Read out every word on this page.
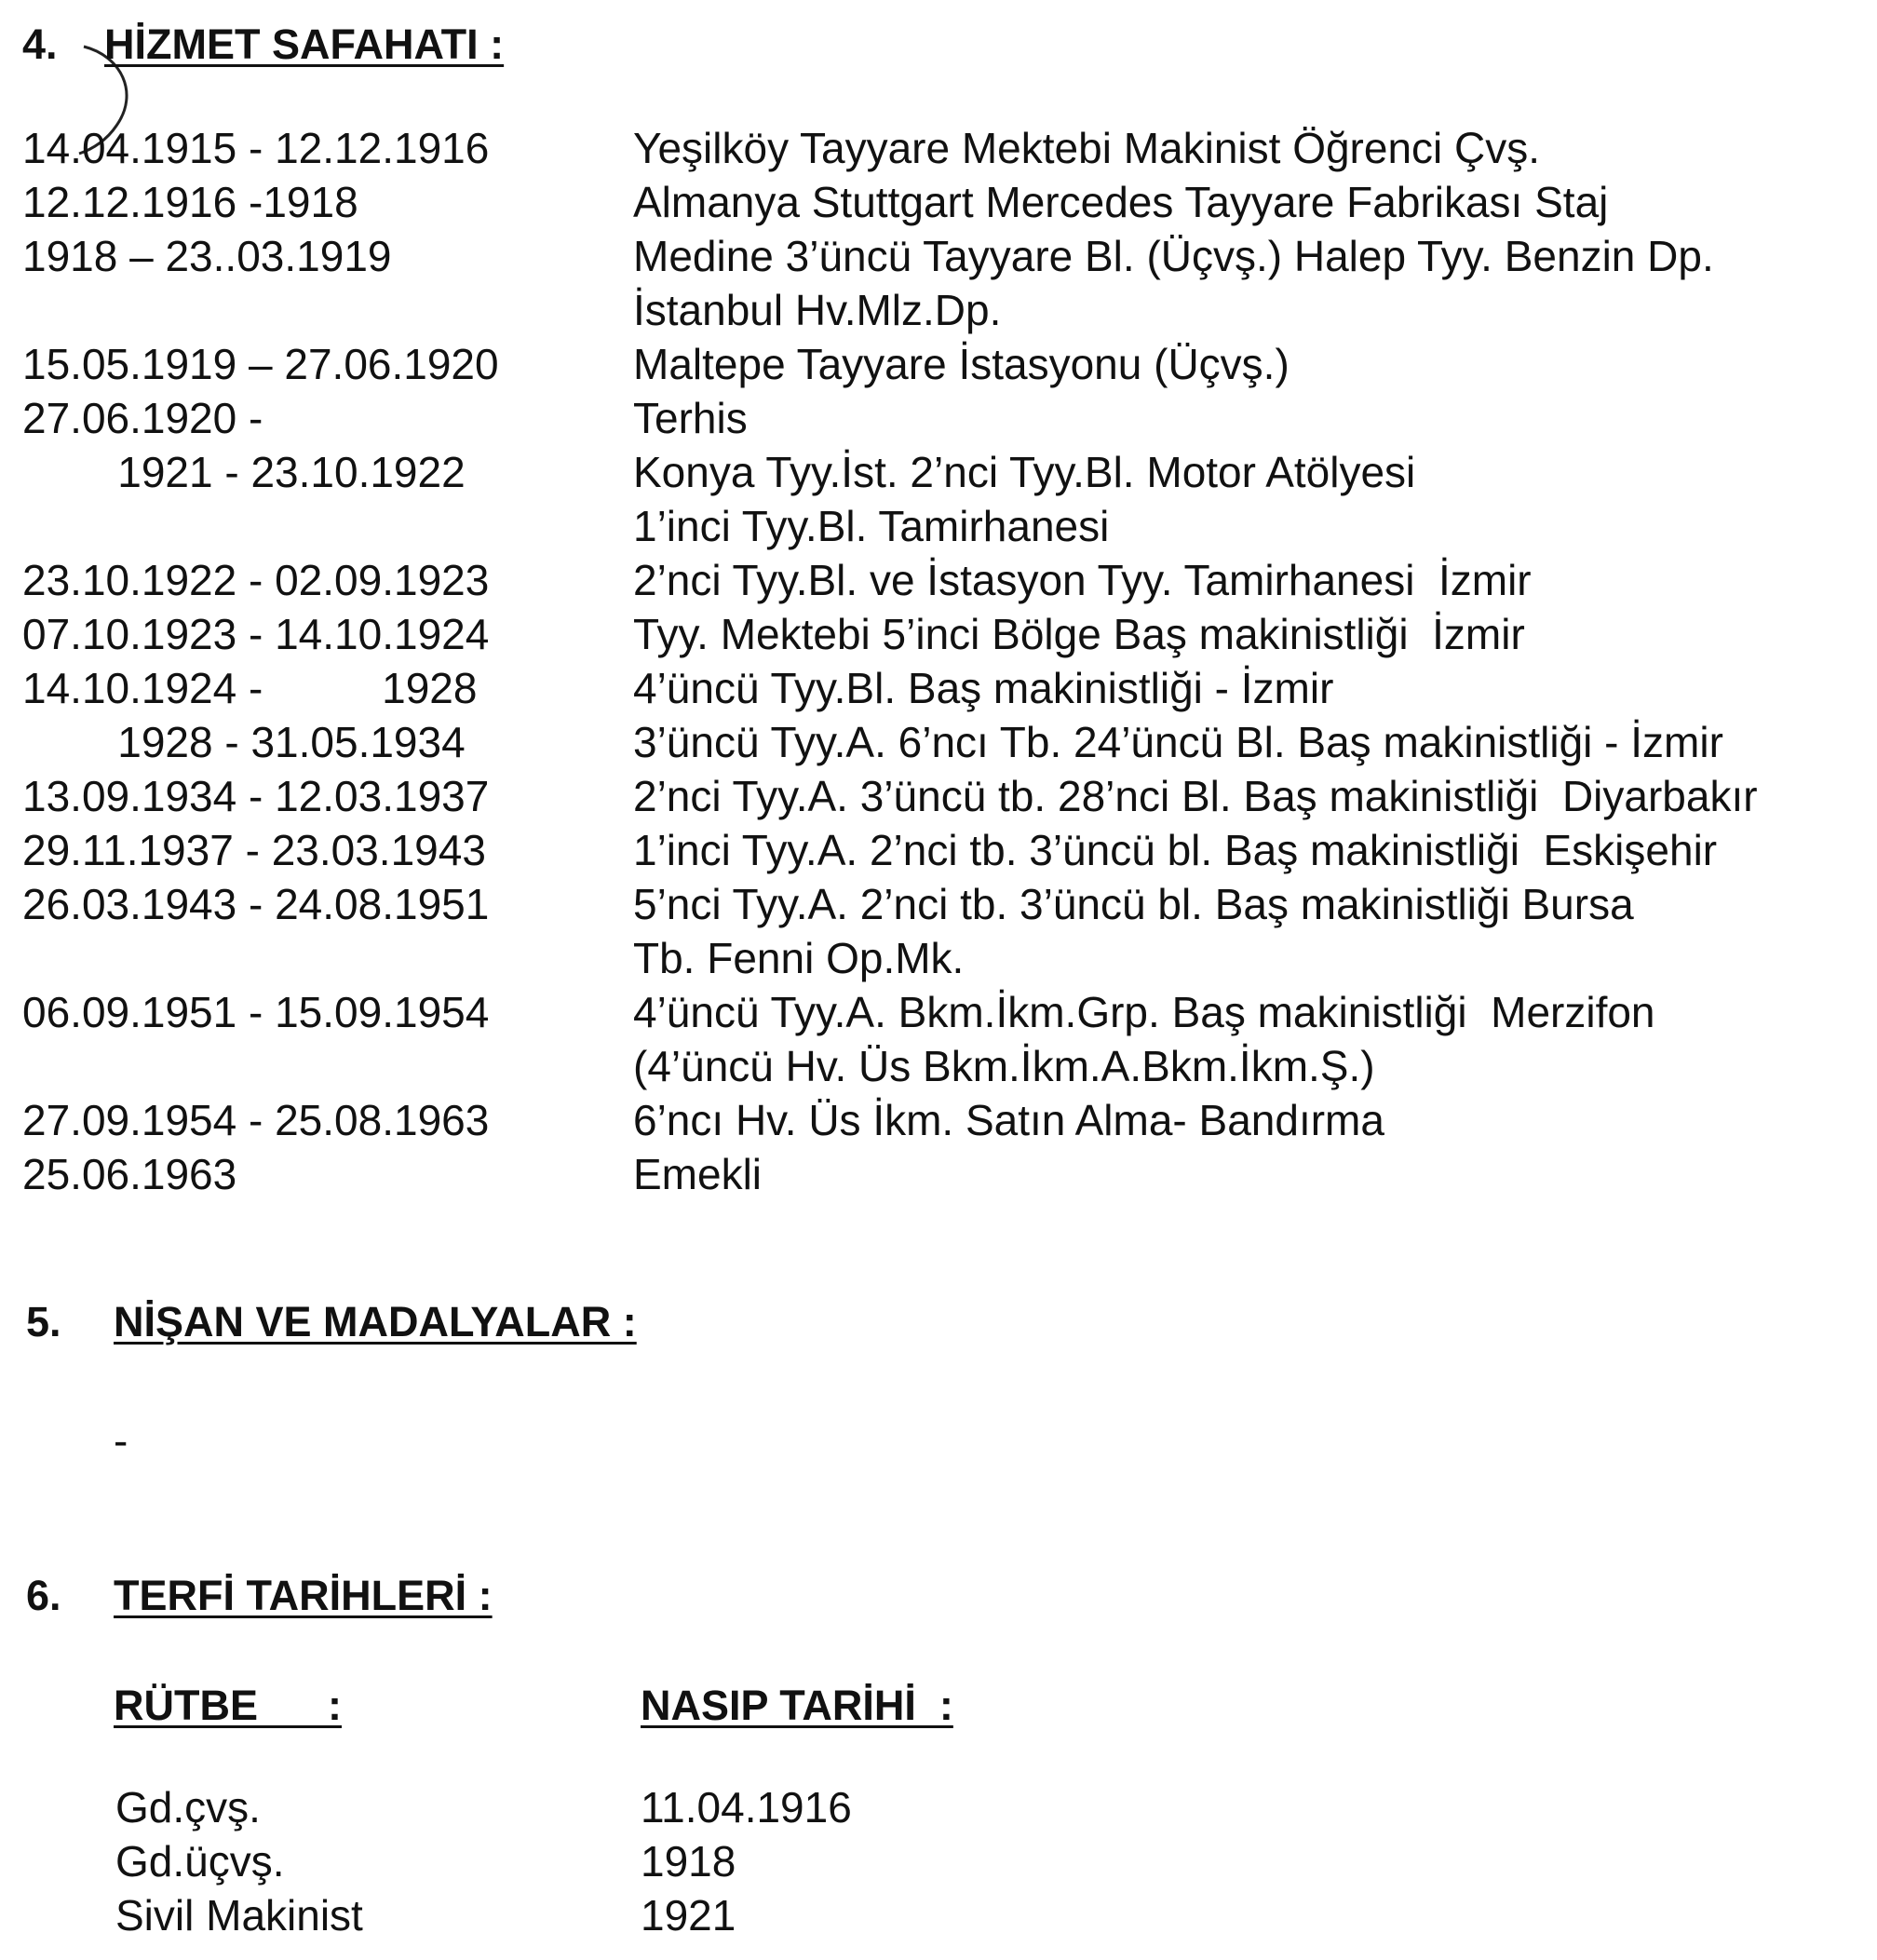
4. HİZMET SAFAHATI :
14.04.1915 - 12.12.1916	Yeşilköy Tayyare Mektebi Makinist Öğrenci Çvş.
12.12.1916 -1918	Almanya Stuttgart Mercedes Tayyare Fabrikası Staj
1918 – 23..03.1919	Medine 3’üncü Tayyare Bl. (Üçvş.) Halep Tyy. Benzin Dp.
İstanbul Hv.Mlz.Dp.
15.05.1919 – 27.06.1920	Maltepe Tayyare İstasyonu (Üçvş.)
27.06.1920 -	Terhis
1921 - 23.10.1922	Konya Tyy.İst. 2’nci Tyy.Bl. Motor Atölyesi
1’inci Tyy.Bl. Tamirhanesi
23.10.1922 - 02.09.1923	2’nci Tyy.Bl. ve İstasyon Tyy. Tamirhanesi  İzmir
07.10.1923 - 14.10.1924	Tyy. Mektebi 5’inci Bölge Baş makinistliği  İzmir
14.10.1924 -          1928	4’üncü Tyy.Bl. Baş makinistliği - İzmir
1928 - 31.05.1934	3’üncü Tyy.A. 6’ncı Tb. 24’üncü Bl. Baş makinistliği - İzmir
13.09.1934 - 12.03.1937	2’nci Tyy.A. 3’üncü tb. 28’nci Bl. Baş makinistliği  Diyarbakır
29.11.1937 - 23.03.1943	1’inci Tyy.A. 2’nci tb. 3’üncü bl. Baş makinistliği  Eskişehir
26.03.1943 - 24.08.1951	5’nci Tyy.A. 2’nci tb. 3’üncü bl. Baş makinistliği Bursa
Tb. Fenni Op.Mk.
06.09.1951 - 15.09.1954	4’üncü Tyy.A. Bkm.İkm.Grp. Baş makinistliği  Merzifon
(4’üncü Hv. Üs Bkm.İkm.A.Bkm.İkm.Ş.)
27.09.1954 - 25.08.1963	6’ncı Hv. Üs İkm. Satın Alma- Bandırma
25.06.1963	Emekli
5. NİŞAN VE MADALYALAR :
-
6. TERFİ TARİHLERİ :
RÜTBE      :	NASIP TARİHİ  :
Gd.çvş.	11.04.1916
Gd.üçvş.	1918
Sivil Makinist	1921
